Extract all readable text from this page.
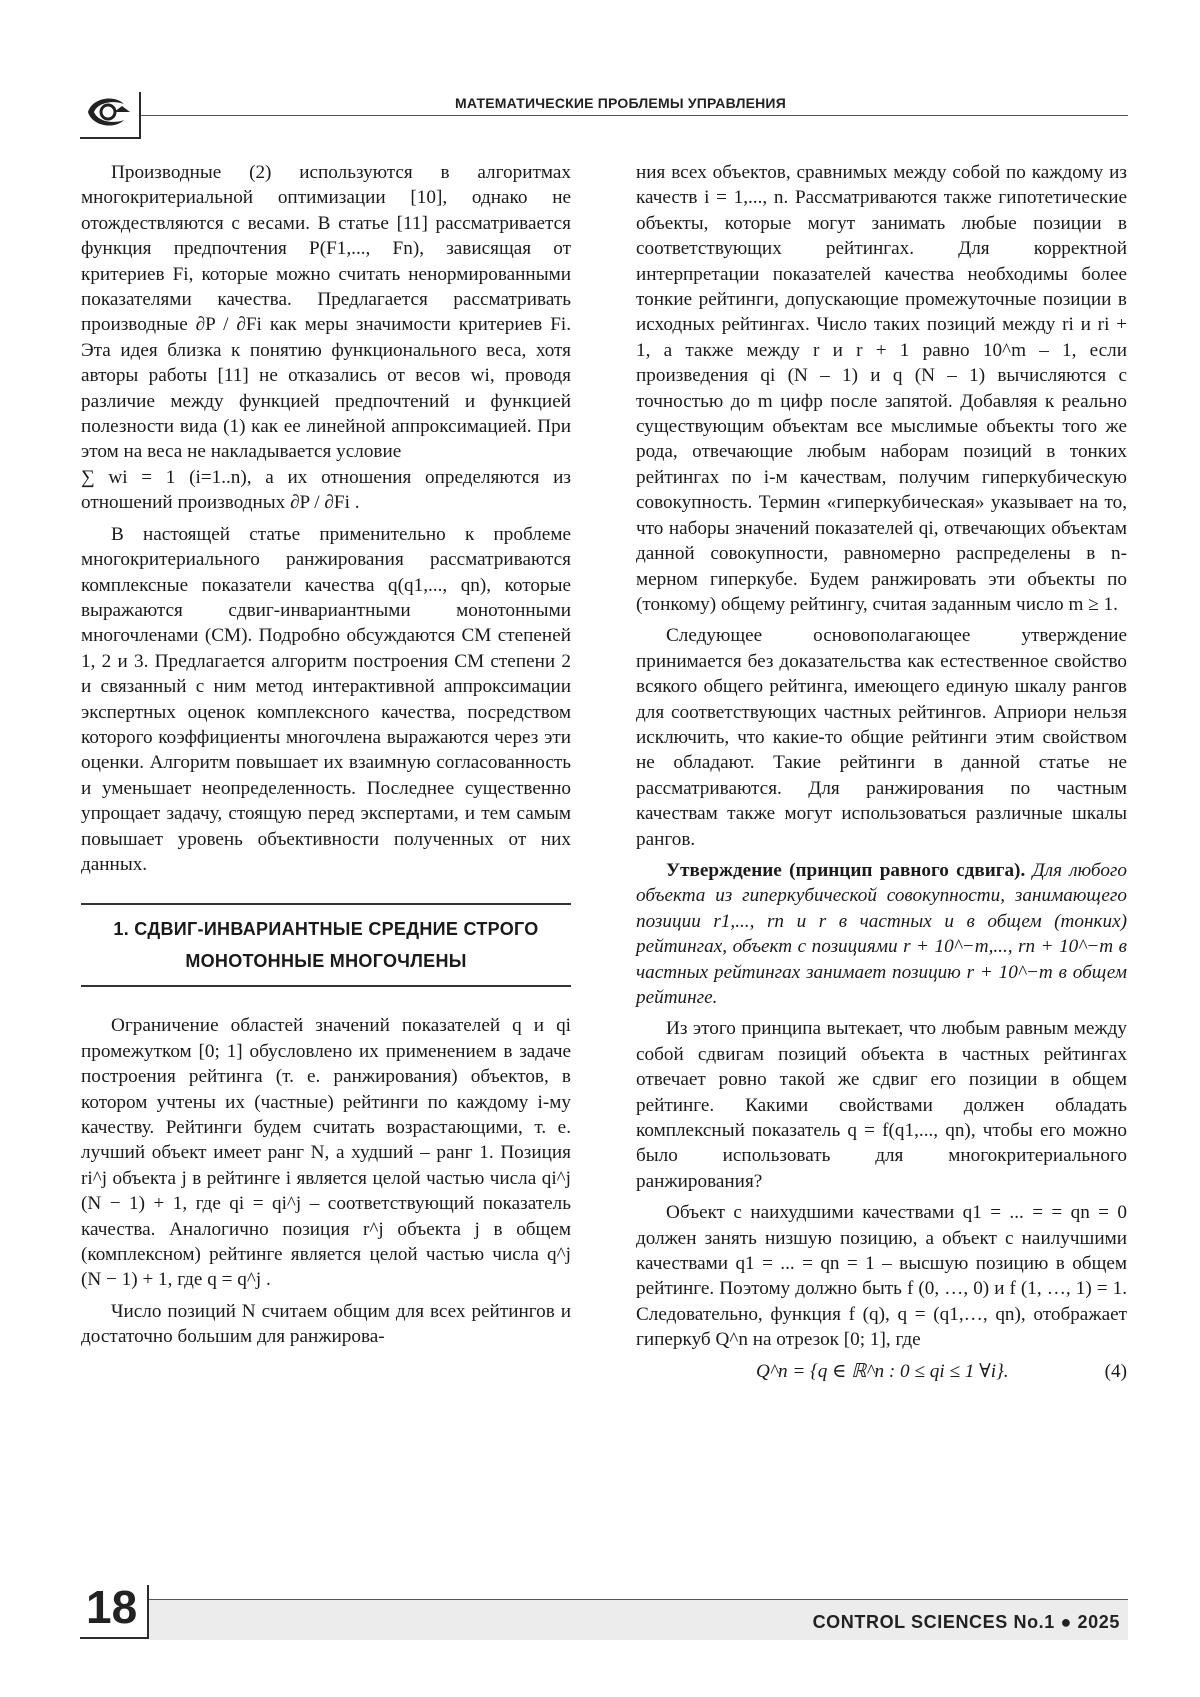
МАТЕМАТИЧЕСКИЕ ПРОБЛЕМЫ УПРАВЛЕНИЯ

Производные (2) используются в алгоритмах многокритериальной оптимизации [10], однако не отождествляются с весами. В статье [11] рассматривается функция предпочтения P(F1,..., Fn), зависящая от критериев Fi, которые можно считать ненормированными показателями качества. Предлагается рассматривать производные ∂P / ∂Fi как меры значимости критериев Fi. Эта идея близка к понятию функционального веса, хотя авторы работы [11] не отказались от весов wi, проводя различие между функцией предпочтений и функцией полезности вида (1) как ее линейной аппроксимацией. При этом на веса не накладывается условие

∑ wi = 1 (i=1..n), а их отношения определяются из отношений производных ∂P / ∂Fi .

В настоящей статье применительно к проблеме многокритериального ранжирования рассматриваются комплексные показатели качества q(q1,..., qn), которые выражаются сдвиг-инвариантными монотонными многочленами (СМ). Подробно обсуждаются СМ степеней 1, 2 и 3. Предлагается алгоритм построения СМ степени 2 и связанный с ним метод интерактивной аппроксимации экспертных оценок комплексного качества, посредством которого коэффициенты многочлена выражаются через эти оценки. Алгоритм повышает их взаимную согласованность и уменьшает неопределенность. Последнее существенно упрощает задачу, стоящую перед экспертами, и тем самым повышает уровень объективности полученных от них данных.

1. СДВИГ-ИНВАРИАНТНЫЕ СРЕДНИЕ СТРОГО
МОНОТОННЫЕ МНОГОЧЛЕНЫ

Ограничение областей значений показателей q и qi промежутком [0; 1] обусловлено их применением в задаче построения рейтинга (т. е. ранжирования) объектов, в котором учтены их (частные) рейтинги по каждому i-му качеству. Рейтинги будем считать возрастающими, т. е. лучший объект имеет ранг N, а худший – ранг 1. Позиция ri^j объекта j в рейтинге i является целой частью числа qi^j (N − 1) + 1, где qi = qi^j – соответствующий показатель качества. Аналогично позиция r^j объекта j в общем (комплексном) рейтинге является целой частью числа q^j (N − 1) + 1, где q = q^j .

Число позиций N считаем общим для всех рейтингов и достаточно большим для ранжирова-

ния всех объектов, сравнимых между собой по каждому из качеств i = 1,..., n. Рассматриваются также гипотетические объекты, которые могут занимать любые позиции в соответствующих рейтингах. Для корректной интерпретации показателей качества необходимы более тонкие рейтинги, допускающие промежуточные позиции в исходных рейтингах. Число таких позиций между ri и ri + 1, а также между r и r + 1 равно 10^m – 1, если произведения qi (N – 1) и q (N – 1) вычисляются с точностью до m цифр после запятой. Добавляя к реально существующим объектам все мыслимые объекты того же рода, отвечающие любым наборам позиций в тонких рейтингах по i-м качествам, получим гиперкубическую совокупность. Термин «гиперкубическая» указывает на то, что наборы значений показателей qi, отвечающих объектам данной совокупности, равномерно распределены в n-мерном гиперкубе. Будем ранжировать эти объекты по (тонкому) общему рейтингу, считая заданным число m ≥ 1.

Следующее основополагающее утверждение принимается без доказательства как естественное свойство всякого общего рейтинга, имеющего единую шкалу рангов для соответствующих частных рейтингов. Априори нельзя исключить, что какие-то общие рейтинги этим свойством не обладают. Такие рейтинги в данной статье не рассматриваются. Для ранжирования по частным качествам также могут использоваться различные шкалы рангов.

Утверждение (принцип равного сдвига). Для любого объекта из гиперкубической совокупности, занимающего позиции r1,..., rn и r в частных и в общем (тонких) рейтингах, объект с позициями r + 10^−m,..., rn + 10^−m в частных рейтингах занимает позицию r + 10^−m в общем рейтинге.

Из этого принципа вытекает, что любым равным между собой сдвигам позиций объекта в частных рейтингах отвечает ровно такой же сдвиг его позиции в общем рейтинге. Какими свойствами должен обладать комплексный показатель q = f(q1,..., qn), чтобы его можно было использовать для многокритериального ранжирования?

Объект с наихудшими качествами q1 = ... = = qn = 0 должен занять низшую позицию, а объект с наилучшими качествами q1 = ... = qn = 1 – высшую позицию в общем рейтинге. Поэтому должно быть f (0, …, 0) и f (1, …, 1) = 1. Следовательно, функция f (q), q = (q1,…, qn), отображает гиперкуб Q^n на отрезок [0; 1], где

Q^n = {q ∈ ℝ^n : 0 ≤ qi ≤ 1 ∀i}.	(4)
18	CONTROL SCIENCES No.1 ● 2025
